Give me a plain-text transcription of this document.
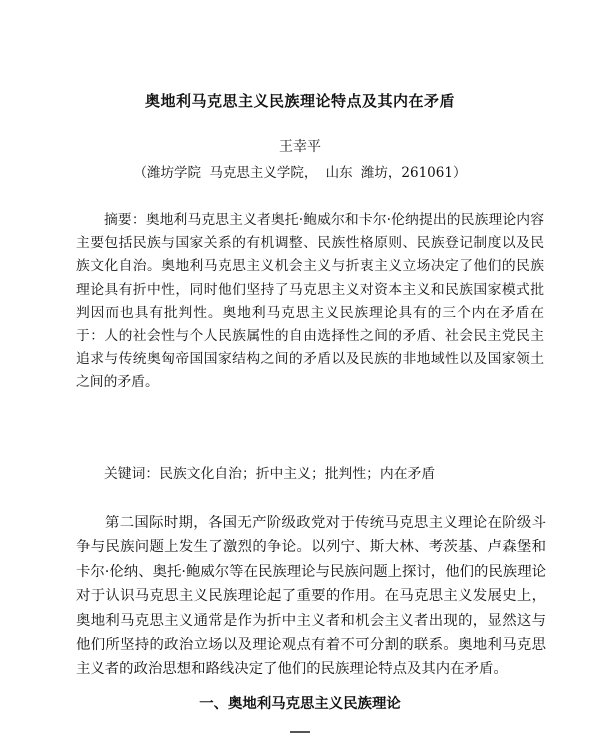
奥地利马克思主义民族理论特点及其内在矛盾
王幸平
（潍坊学院 马克思主义学院， 山东 潍坊，261061）

摘要：奥地利马克思主义者奥托·鲍威尔和卡尔·伦纳提出的民族理论内容主要包括民族与国家关系的有机调整、民族性格原则、民族登记制度以及民族文化自治。奥地利马克思主义机会主义与折衷主义立场决定了他们的民族理论具有折中性，同时他们坚持了马克思主义对资本主义和民族国家模式批判因而也具有批判性。奥地利马克思主义民族理论具有的三个内在矛盾在于：人的社会性与个人民族属性的自由选择性之间的矛盾、社会民主党民主追求与传统奥匈帝国国家结构之间的矛盾以及民族的非地域性以及国家领土之间的矛盾。

关键词：民族文化自治；折中主义；批判性；内在矛盾

第二国际时期，各国无产阶级政党对于传统马克思主义理论在阶级斗争与民族问题上发生了激烈的争论。以列宁、斯大林、考茨基、卢森堡和卡尔·伦纳、奥托·鲍威尔等在民族理论与民族问题上探讨，他们的民族理论对于认识马克思主义民族理论起了重要的作用。在马克思主义发展史上，奥地利马克思主义通常是作为折中主义者和机会主义者出现的，显然这与他们所坚持的政治立场以及理论观点有着不可分割的联系。奥地利马克思主义者的政治思想和路线决定了他们的民族理论特点及其内在矛盾。

一、奥地利马克思主义民族理论
